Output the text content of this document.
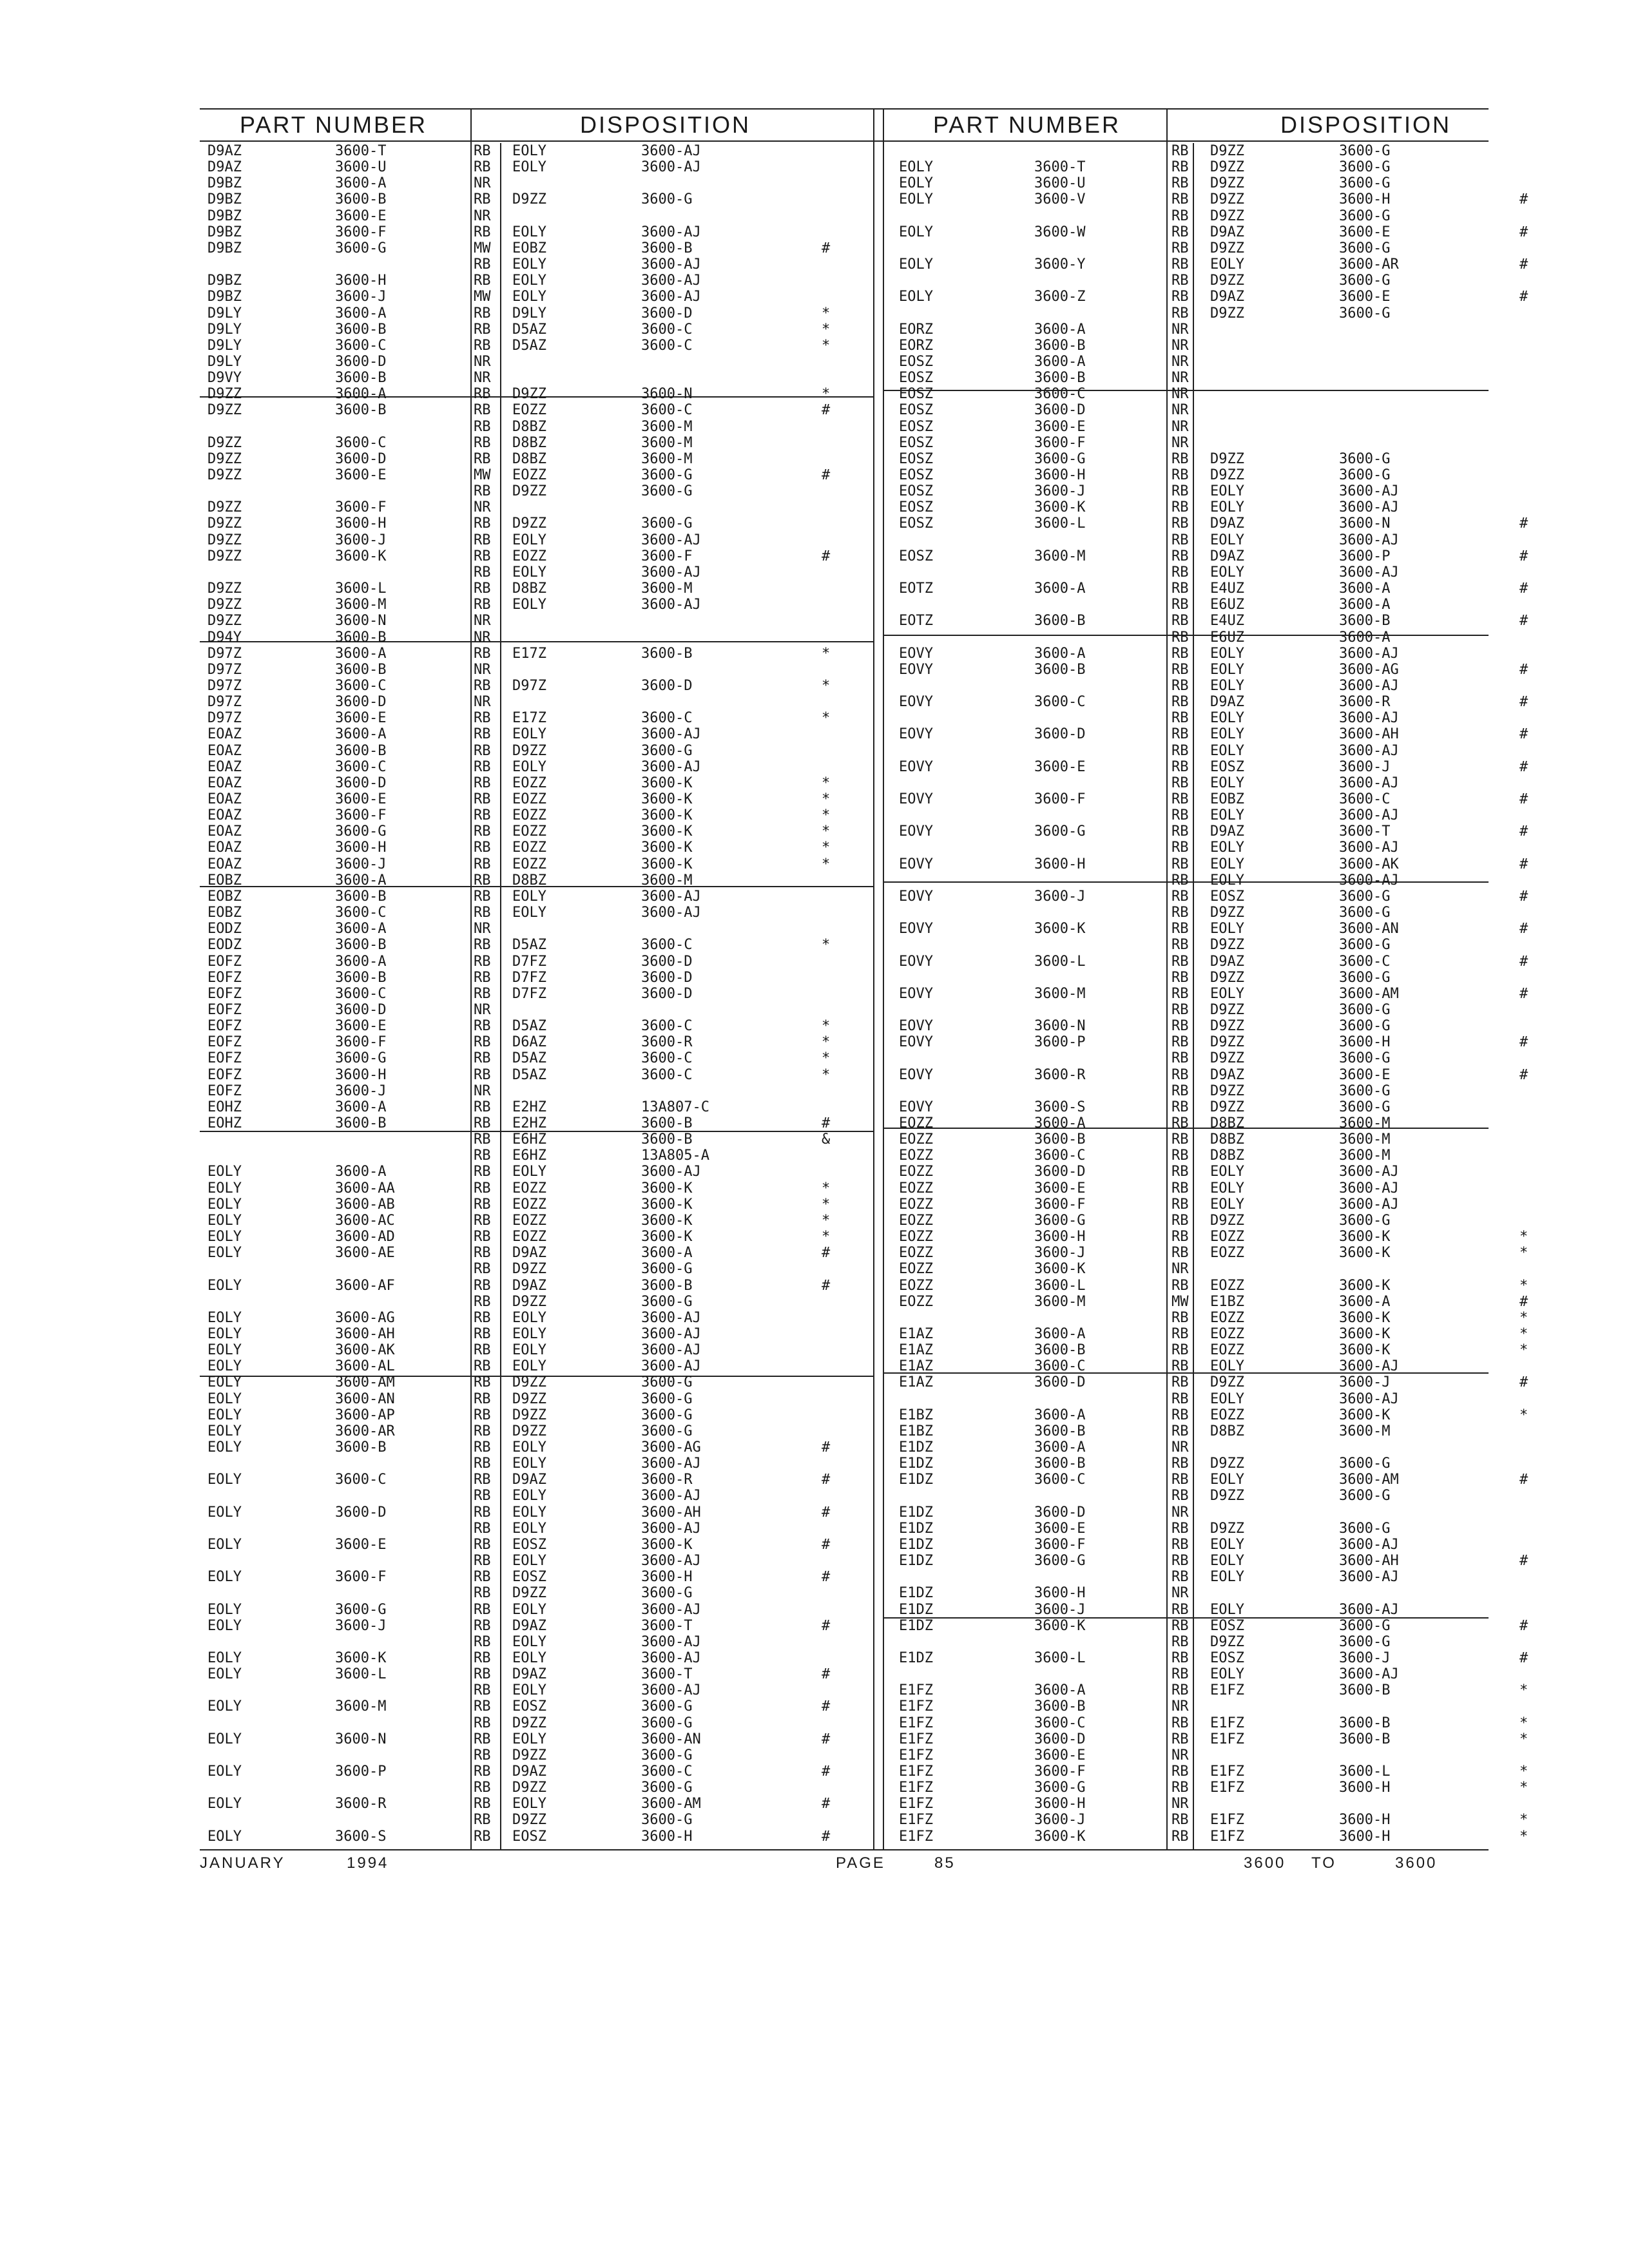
PART NUMBER	DISPOSITION	PART NUMBER	DISPOSITION
D9AZ	3600-T	RB EOLY	3600-AJ
D9AZ	3600-U	RB EOLY	3600-AJ
D9BZ	3600-A	NR
D9BZ	3600-B	RB D9ZZ	3600-G
D9BZ	3600-E	NR
D9BZ	3600-F	RB EOLY	3600-AJ
D9BZ	3600-G	MW EOBZ	3600-B	#
RB EOLY	3600-AJ
D9BZ	3600-H	RB EOLY	3600-AJ
D9BZ	3600-J	MW EOLY	3600-AJ
D9LY	3600-A	RB D9LY	3600-D	*
D9LY	3600-B	RB D5AZ	3600-C	*
D9LY	3600-C	RB D5AZ	3600-C	*
D9LY	3600-D	NR
D9VY	3600-B	NR
D9ZZ	3600-A	RB D9ZZ	3600-N	*
D9ZZ	3600-B	RB EOZZ	3600-C	#
RB D8BZ	3600-M
D9ZZ	3600-C	RB D8BZ	3600-M
D9ZZ	3600-D	RB D8BZ	3600-M
D9ZZ	3600-E	MW EOZZ	3600-G	#
RB D9ZZ	3600-G
D9ZZ	3600-F	NR
D9ZZ	3600-H	RB D9ZZ	3600-G
D9ZZ	3600-J	RB EOLY	3600-AJ
D9ZZ	3600-K	RB EOZZ	3600-F	#
RB EOLY	3600-AJ
D9ZZ	3600-L	RB D8BZ	3600-M
D9ZZ	3600-M	RB EOLY	3600-AJ
D9ZZ	3600-N	NR
D94Y	3600-B	NR
D97Z	3600-A	RB E17Z	3600-B	*
D97Z	3600-B	NR
D97Z	3600-C	RB D97Z	3600-D	*
D97Z	3600-D	NR
D97Z	3600-E	RB E17Z	3600-C	*
EOAZ	3600-A	RB EOLY	3600-AJ
EOAZ	3600-B	RB D9ZZ	3600-G
EOAZ	3600-C	RB EOLY	3600-AJ
EOAZ	3600-D	RB EOZZ	3600-K	*
EOAZ	3600-E	RB EOZZ	3600-K	*
EOAZ	3600-F	RB EOZZ	3600-K	*
EOAZ	3600-G	RB EOZZ	3600-K	*
EOAZ	3600-H	RB EOZZ	3600-K	*
EOAZ	3600-J	RB EOZZ	3600-K	*
EOBZ	3600-A	RB D8BZ	3600-M
EOBZ	3600-B	RB EOLY	3600-AJ
EOBZ	3600-C	RB EOLY	3600-AJ
EODZ	3600-A	NR
EODZ	3600-B	RB D5AZ	3600-C	*
EOFZ	3600-A	RB D7FZ	3600-D
EOFZ	3600-B	RB D7FZ	3600-D
EOFZ	3600-C	RB D7FZ	3600-D
EOFZ	3600-D	NR
EOFZ	3600-E	RB D5AZ	3600-C	*
EOFZ	3600-F	RB D6AZ	3600-R	*
EOFZ	3600-G	RB D5AZ	3600-C	*
EOFZ	3600-H	RB D5AZ	3600-C	*
EOFZ	3600-J	NR
EOHZ	3600-A	RB E2HZ	13A807-C
EOHZ	3600-B	RB E2HZ	3600-B	#
RB E6HZ	3600-B	&
RB E6HZ	13A805-A
EOLY	3600-A	RB EOLY	3600-AJ
EOLY	3600-AA	RB EOZZ	3600-K	*
EOLY	3600-AB	RB EOZZ	3600-K	*
EOLY	3600-AC	RB EOZZ	3600-K	*
EOLY	3600-AD	RB EOZZ	3600-K	*
EOLY	3600-AE	RB D9AZ	3600-A	#
RB D9ZZ	3600-G
EOLY	3600-AF	RB D9AZ	3600-B	#
RB D9ZZ	3600-G
EOLY	3600-AG	RB EOLY	3600-AJ
EOLY	3600-AH	RB EOLY	3600-AJ
EOLY	3600-AK	RB EOLY	3600-AJ
EOLY	3600-AL	RB EOLY	3600-AJ
EOLY	3600-AM	RB D9ZZ	3600-G
EOLY	3600-AN	RB D9ZZ	3600-G
EOLY	3600-AP	RB D9ZZ	3600-G
EOLY	3600-AR	RB D9ZZ	3600-G
EOLY	3600-B	RB EOLY	3600-AG	#
RB EOLY	3600-AJ
EOLY	3600-C	RB D9AZ	3600-R	#
RB EOLY	3600-AJ
EOLY	3600-D	RB EOLY	3600-AH	#
RB EOLY	3600-AJ
EOLY	3600-E	RB EOSZ	3600-K	#
RB EOLY	3600-AJ
EOLY	3600-F	RB EOSZ	3600-H	#
RB D9ZZ	3600-G
EOLY	3600-G	RB EOLY	3600-AJ
EOLY	3600-J	RB D9AZ	3600-T	#
RB EOLY	3600-AJ
EOLY	3600-K	RB EOLY	3600-AJ
EOLY	3600-L	RB D9AZ	3600-T	#
RB EOLY	3600-AJ
EOLY	3600-M	RB EOSZ	3600-G	#
RB D9ZZ	3600-G
EOLY	3600-N	RB EOLY	3600-AN	#
RB D9ZZ	3600-G
EOLY	3600-P	RB D9AZ	3600-C	#
RB D9ZZ	3600-G
EOLY	3600-R	RB EOLY	3600-AM	#
RB D9ZZ	3600-G
EOLY	3600-S	RB EOSZ	3600-H	#
RB D9ZZ	3600-G
EOLY	3600-T	RB D9ZZ	3600-G
EOLY	3600-U	RB D9ZZ	3600-G
EOLY	3600-V	RB D9ZZ	3600-H	#
RB D9ZZ	3600-G
EOLY	3600-W	RB D9AZ	3600-E	#
RB D9ZZ	3600-G
EOLY	3600-Y	RB EOLY	3600-AR	#
RB D9ZZ	3600-G
EOLY	3600-Z	RB D9AZ	3600-E	#
RB D9ZZ	3600-G
EORZ	3600-A	NR
EORZ	3600-B	NR
EOSZ	3600-A	NR
EOSZ	3600-B	NR
EOSZ	3600-C	NR
EOSZ	3600-D	NR
EOSZ	3600-E	NR
EOSZ	3600-F	NR
EOSZ	3600-G	RB D9ZZ	3600-G
EOSZ	3600-H	RB D9ZZ	3600-G
EOSZ	3600-J	RB EOLY	3600-AJ
EOSZ	3600-K	RB EOLY	3600-AJ
EOSZ	3600-L	RB D9AZ	3600-N	#
RB EOLY	3600-AJ
EOSZ	3600-M	RB D9AZ	3600-P	#
RB EOLY	3600-AJ
EOTZ	3600-A	RB E4UZ	3600-A	#
RB E6UZ	3600-A
EOTZ	3600-B	RB E4UZ	3600-B	#
RB E6UZ	3600-A
EOVY	3600-A	RB EOLY	3600-AJ
EOVY	3600-B	RB EOLY	3600-AG	#
RB EOLY	3600-AJ
EOVY	3600-C	RB D9AZ	3600-R	#
RB EOLY	3600-AJ
EOVY	3600-D	RB EOLY	3600-AH	#
RB EOLY	3600-AJ
EOVY	3600-E	RB EOSZ	3600-J	#
RB EOLY	3600-AJ
EOVY	3600-F	RB EOBZ	3600-C	#
RB EOLY	3600-AJ
EOVY	3600-G	RB D9AZ	3600-T	#
RB EOLY	3600-AJ
EOVY	3600-H	RB EOLY	3600-AK	#
RB EOLY	3600-AJ
EOVY	3600-J	RB EOSZ	3600-G	#
RB D9ZZ	3600-G
EOVY	3600-K	RB EOLY	3600-AN	#
RB D9ZZ	3600-G
EOVY	3600-L	RB D9AZ	3600-C	#
RB D9ZZ	3600-G
EOVY	3600-M	RB EOLY	3600-AM	#
RB D9ZZ	3600-G
EOVY	3600-N	RB D9ZZ	3600-G
EOVY	3600-P	RB D9ZZ	3600-H	#
RB D9ZZ	3600-G
EOVY	3600-R	RB D9AZ	3600-E	#
RB D9ZZ	3600-G
EOVY	3600-S	RB D9ZZ	3600-G
EOZZ	3600-A	RB D8BZ	3600-M
EOZZ	3600-B	RB D8BZ	3600-M
EOZZ	3600-C	RB D8BZ	3600-M
EOZZ	3600-D	RB EOLY	3600-AJ
EOZZ	3600-E	RB EOLY	3600-AJ
EOZZ	3600-F	RB EOLY	3600-AJ
EOZZ	3600-G	RB D9ZZ	3600-G
EOZZ	3600-H	RB EOZZ	3600-K	*
EOZZ	3600-J	RB EOZZ	3600-K	*
EOZZ	3600-K	NR
EOZZ	3600-L	RB EOZZ	3600-K	*
EOZZ	3600-M	MW E1BZ	3600-A	#
RB EOZZ	3600-K	*
E1AZ	3600-A	RB EOZZ	3600-K	*
E1AZ	3600-B	RB EOZZ	3600-K	*
E1AZ	3600-C	RB EOLY	3600-AJ
E1AZ	3600-D	RB D9ZZ	3600-J	#
RB EOLY	3600-AJ
E1BZ	3600-A	RB EOZZ	3600-K	*
E1BZ	3600-B	RB D8BZ	3600-M
E1DZ	3600-A	NR
E1DZ	3600-B	RB D9ZZ	3600-G
E1DZ	3600-C	RB EOLY	3600-AM	#
RB D9ZZ	3600-G
E1DZ	3600-D	NR
E1DZ	3600-E	RB D9ZZ	3600-G
E1DZ	3600-F	RB EOLY	3600-AJ
E1DZ	3600-G	RB EOLY	3600-AH	#
RB EOLY	3600-AJ
E1DZ	3600-H	NR
E1DZ	3600-J	RB EOLY	3600-AJ
E1DZ	3600-K	RB EOSZ	3600-G	#
RB D9ZZ	3600-G
E1DZ	3600-L	RB EOSZ	3600-J	#
RB EOLY	3600-AJ
E1FZ	3600-A	RB E1FZ	3600-B	*
E1FZ	3600-B	NR
E1FZ	3600-C	RB E1FZ	3600-B	*
E1FZ	3600-D	RB E1FZ	3600-B	*
E1FZ	3600-E	NR
E1FZ	3600-F	RB E1FZ	3600-L	*
E1FZ	3600-G	RB E1FZ	3600-H	*
E1FZ	3600-H	NR
E1FZ	3600-J	RB E1FZ	3600-H	*
E1FZ	3600-K	RB E1FZ	3600-H	*
JANUARY	1994	PAGE	85	3600 TO	3600
